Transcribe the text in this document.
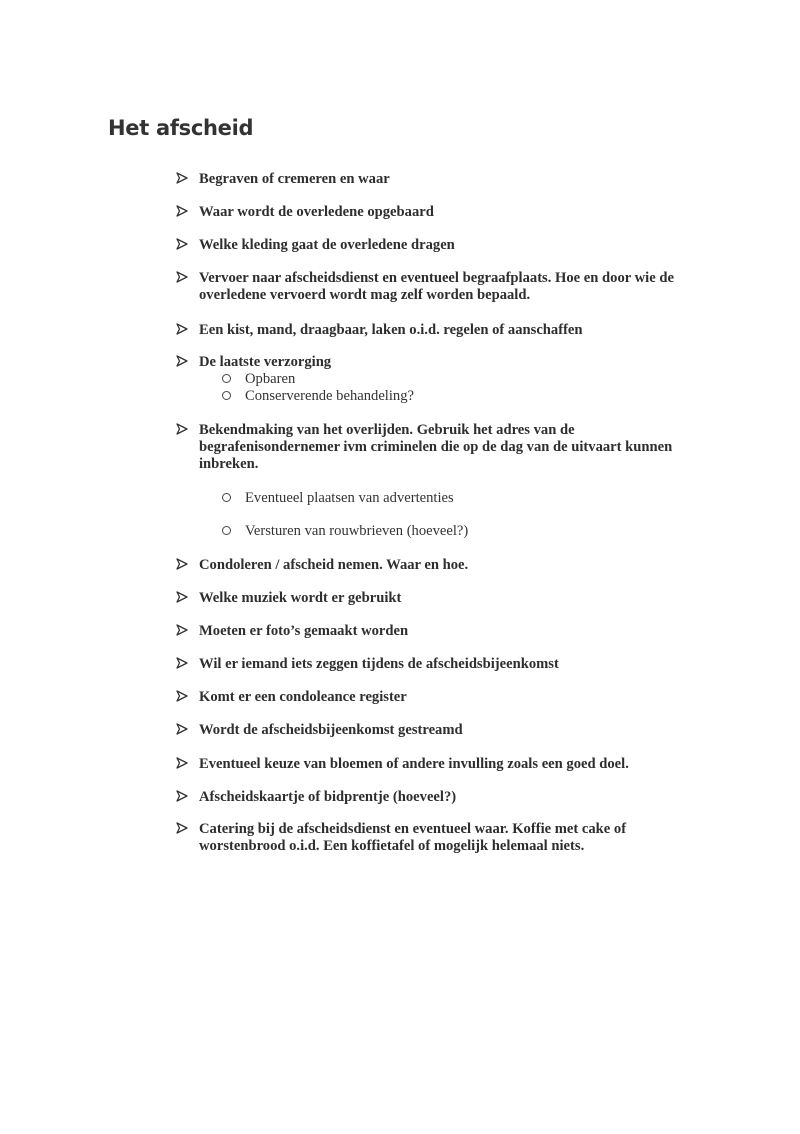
Het afscheid
Begraven of cremeren en waar
Waar wordt de overledene opgebaard
Welke kleding gaat de overledene dragen
Vervoer naar afscheidsdienst en eventueel begraafplaats. Hoe en door wie de overledene vervoerd wordt mag zelf worden bepaald.
Een kist, mand, draagbaar, laken o.i.d. regelen of aanschaffen
De laatste verzorging
Opbaren
Conserverende behandeling?
Bekendmaking van het overlijden. Gebruik het adres van de begrafenisondernemer ivm criminelen die op de dag van de uitvaart kunnen inbreken.
Eventueel plaatsen van advertenties
Versturen van rouwbrieven (hoeveel?)
Condoleren / afscheid nemen. Waar en hoe.
Welke muziek wordt er gebruikt
Moeten er foto’s gemaakt worden
Wil er iemand iets zeggen tijdens de afscheidsbijeenkomst
Komt er een condoleance register
Wordt de afscheidsbijeenkomst gestreamd
Eventueel keuze van bloemen of andere invulling zoals een goed doel.
Afscheidskaartje of bidprentje (hoeveel?)
Catering bij de afscheidsdienst en eventueel waar. Koffie met cake of worstenbrood o.i.d. Een koffietafel of mogelijk helemaal niets.
